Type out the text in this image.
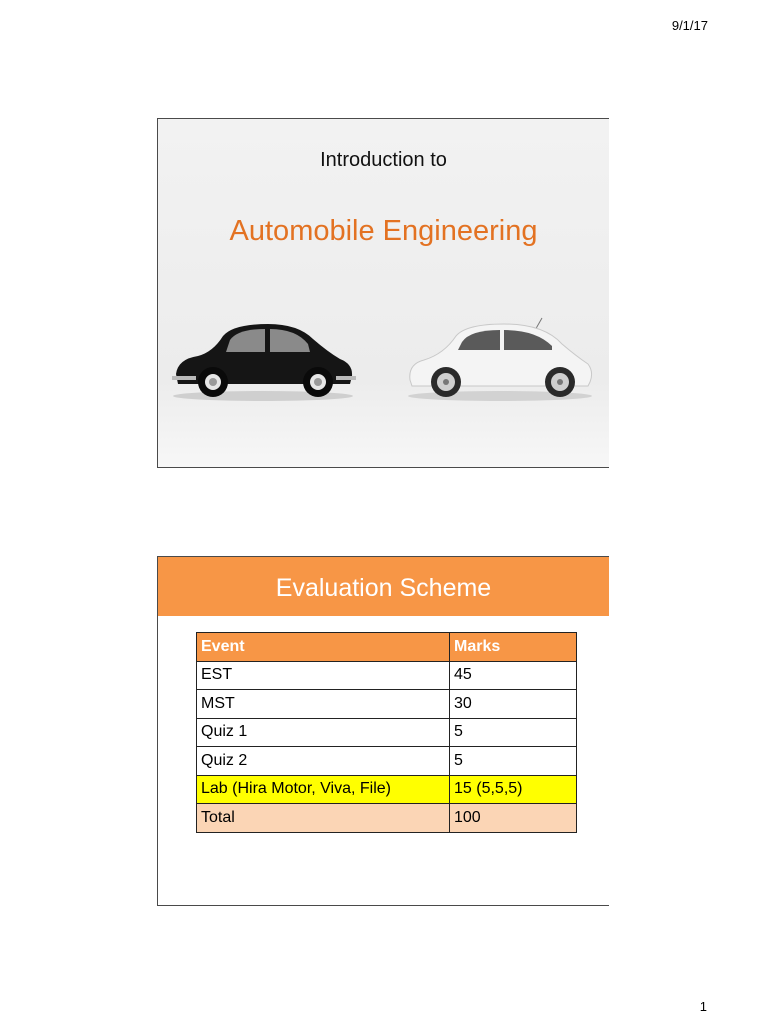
9/1/17
Introduction to
Automobile Engineering
Evaluation Scheme
Event	Marks
EST	45
MST	30
Quiz 1	5
Quiz 2	5
Lab (Hira Motor, Viva, File)	15 (5,5,5)
Total	100
1
